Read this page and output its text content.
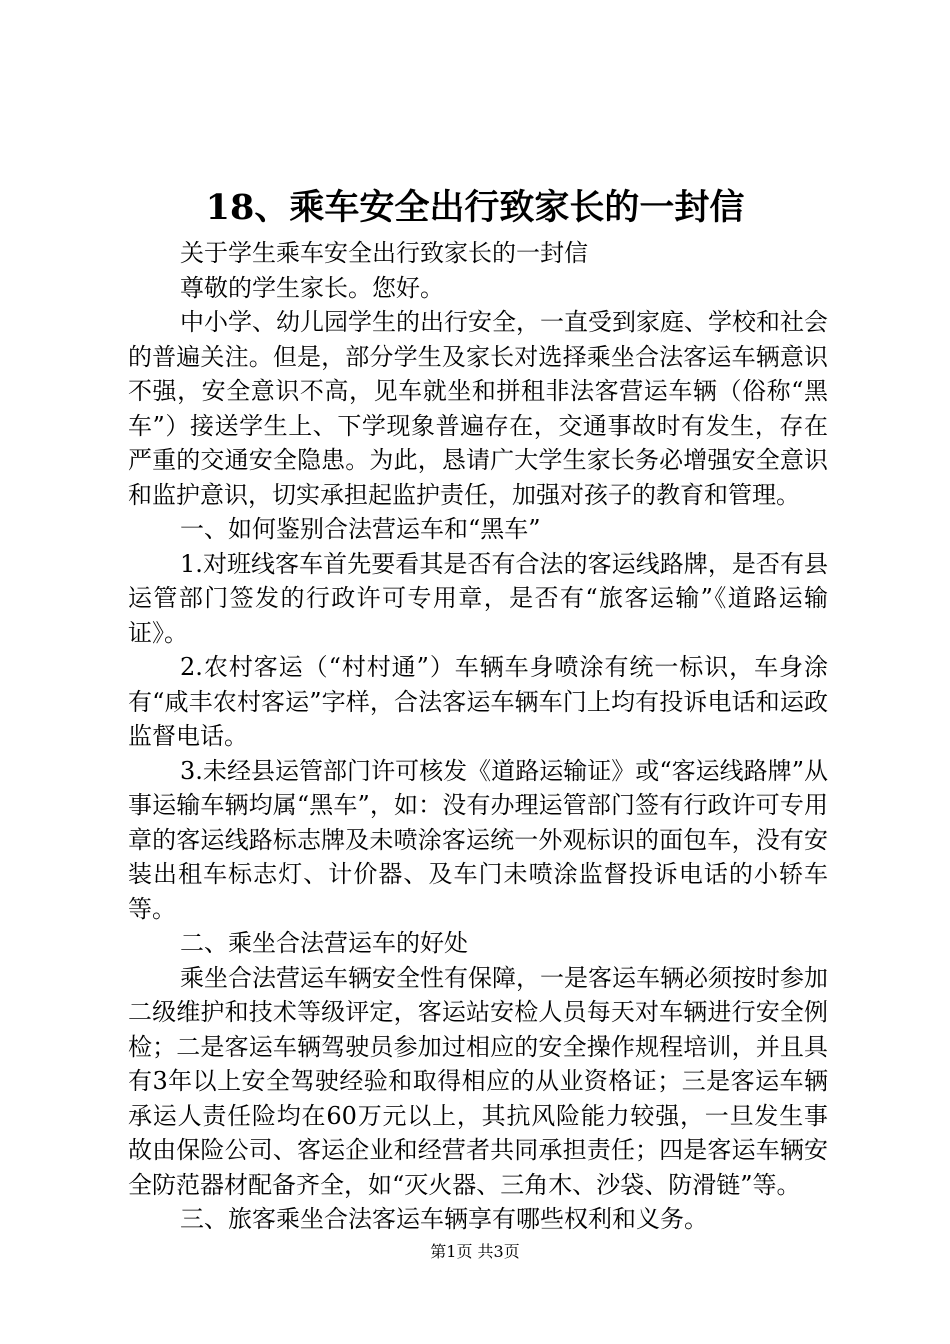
18、乘车安全出行致家长的一封信

关于学生乘车安全出行致家长的一封信

尊敬的学生家长。您好。

中小学、幼儿园学生的出行安全，一直受到家庭、学校和社会的普遍关注。但是，部分学生及家长对选择乘坐合法客运车辆意识不强，安全意识不高，见车就坐和拼租非法客营运车辆（俗称“黑车”）接送学生上、下学现象普遍存在，交通事故时有发生，存在严重的交通安全隐患。为此，恳请广大学生家长务必增强安全意识和监护意识，切实承担起监护责任，加强对孩子的教育和管理。

一、如何鉴别合法营运车和“黑车”

1.对班线客车首先要看其是否有合法的客运线路牌，是否有县运管部门签发的行政许可专用章，是否有“旅客运输”《道路运输证》。

2.农村客运（“村村通”）车辆车身喷涂有统一标识，车身涂有“咸丰农村客运”字样，合法客运车辆车门上均有投诉电话和运政监督电话。

3.未经县运管部门许可核发《道路运输证》或“客运线路牌”从事运输车辆均属“黑车”，如：没有办理运管部门签有行政许可专用章的客运线路标志牌及未喷涂客运统一外观标识的面包车，没有安装出租车标志灯、计价器、及车门未喷涂监督投诉电话的小轿车等。

二、乘坐合法营运车的好处

乘坐合法营运车辆安全性有保障，一是客运车辆必须按时参加二级维护和技术等级评定，客运站安检人员每天对车辆进行安全例检；二是客运车辆驾驶员参加过相应的安全操作规程培训，并且具有3年以上安全驾驶经验和取得相应的从业资格证；三是客运车辆承运人责任险均在60万元以上，其抗风险能力较强，一旦发生事故由保险公司、客运企业和经营者共同承担责任；四是客运车辆安全防范器材配备齐全，如“灭火器、三角木、沙袋、防滑链”等。

三、旅客乘坐合法客运车辆享有哪些权利和义务。

第1页 共3页
